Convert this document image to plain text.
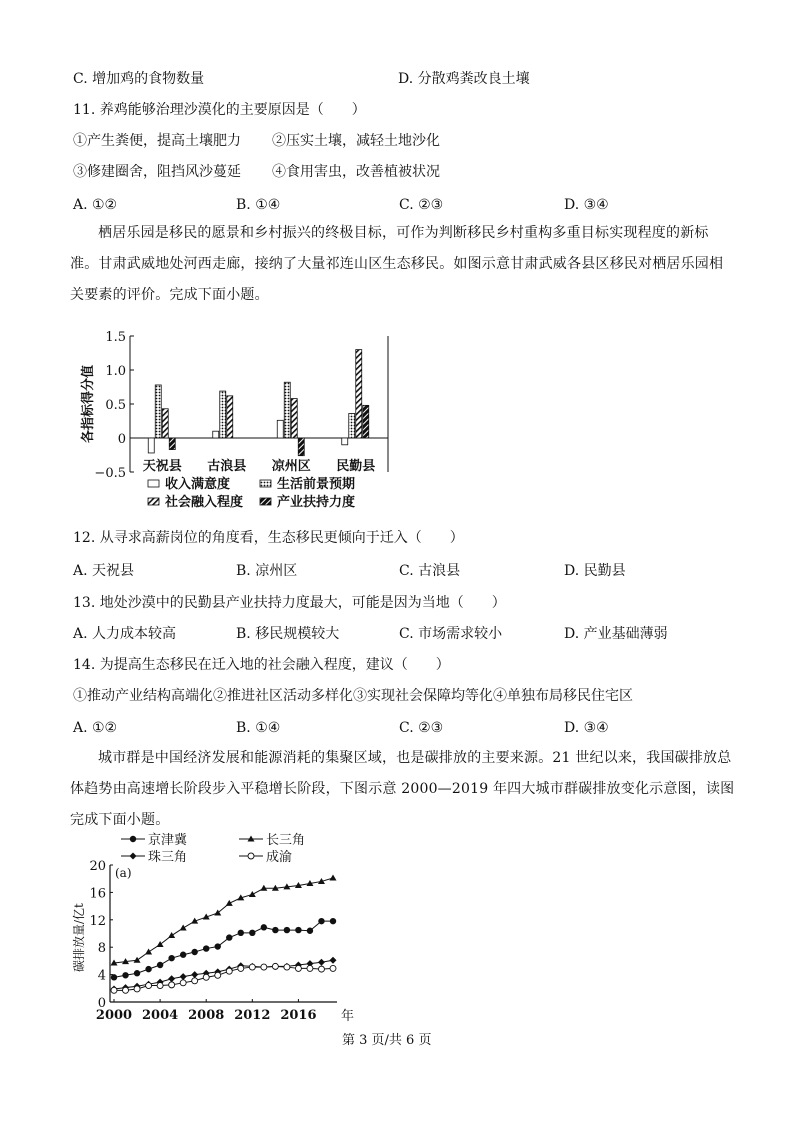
C. 增加鸡的食物数量	D. 分散鸡粪改良土壤
11. 养鸡能够治理沙漠化的主要原因是（　　）
①产生粪便，提高土壤肥力 ②压实土壤，减轻土地沙化
③修建圈舍，阻挡风沙蔓延 ④食用害虫，改善植被状况
A. ①②	B. ①④	C. ②③	D. ③④
栖居乐园是移民的愿景和乡村振兴的终极目标，可作为判断移民乡村重构多重目标实现程度的新标准。甘肃武威地处河西走廊，接纳了大量祁连山区生态移民。如图示意甘肃武威各县区移民对栖居乐园相关要素的评价。完成下面小题。
1.5
1.0
0.5
0
−0.5
各指标得分值
天祝县 古浪县 凉州区 民勤县
收入满意度	生活前景预期
社会融入程度	产业扶持力度
12. 从寻求高薪岗位的角度看，生态移民更倾向于迁入（　　）
A. 天祝县	B. 凉州区	C. 古浪县	D. 民勤县
13. 地处沙漠中的民勤县产业扶持力度最大，可能是因为当地（　　）
A. 人力成本较高	B. 移民规模较大	C. 市场需求较小	D. 产业基础薄弱
14. 为提高生态移民在迁入地的社会融入程度，建议（　　）
①推动产业结构高端化②推进社区活动多样化③实现社会保障均等化④单独布局移民住宅区
A. ①②	B. ①④	C. ②③	D. ③④
城市群是中国经济发展和能源消耗的集聚区域，也是碳排放的主要来源。21 世纪以来，我国碳排放总体趋势由高速增长阶段步入平稳增长阶段，下图示意 2000—2019 年四大城市群碳排放变化示意图，读图完成下面小题。
0
4
8
12
16
20
2000 2004 2008 2012 2016 年
碳排放量/亿t
(a)
京津冀	长三角
珠三角	成渝
第 3 页/共 6 页
